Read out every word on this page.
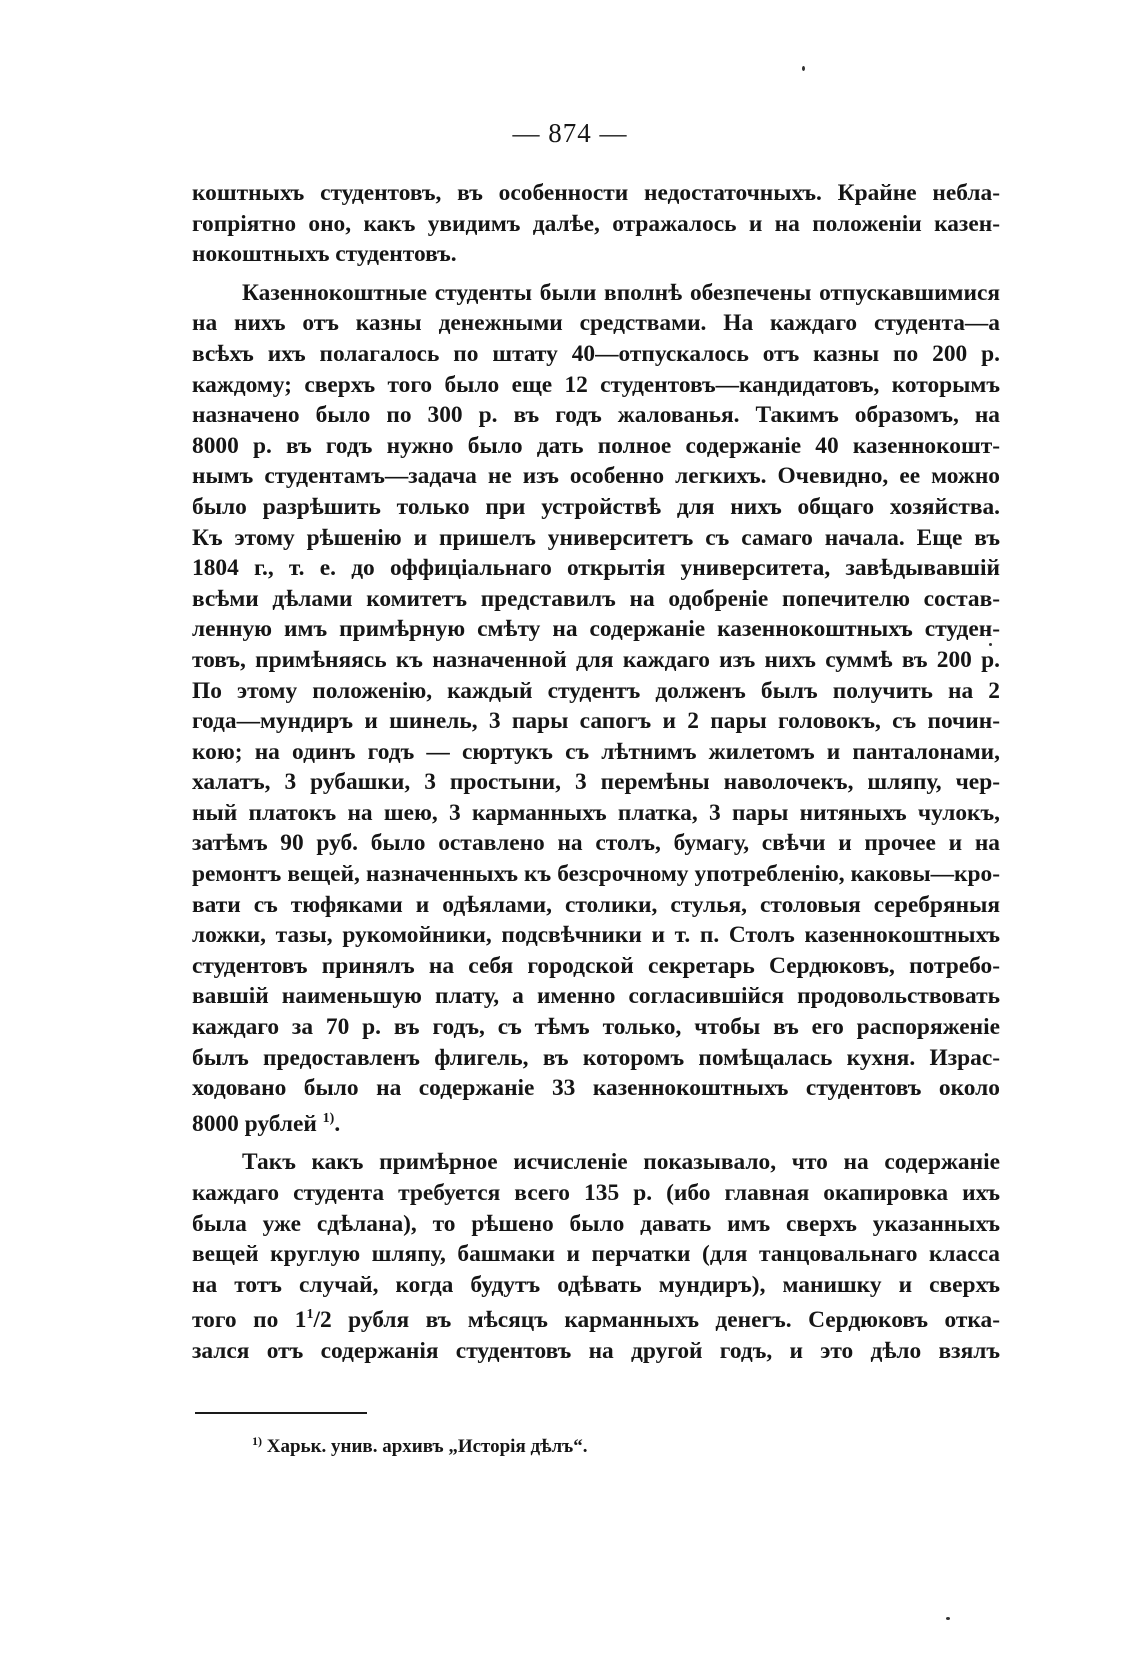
— 874 —
коштныхъ студентовъ, въ особенности недостаточныхъ. Крайне небла-
гопріятно оно, какъ увидимъ далѣе, отражалось и на положеніи казен-
нокоштныхъ студентовъ.
Казеннокоштные студенты были вполнѣ обезпечены отпускавшимися
на нихъ отъ казны денежными средствами. На каждаго студента—а
всѣхъ ихъ полагалось по штату 40—отпускалось отъ казны по 200 р.
каждому; сверхъ того было еще 12 студентовъ—кандидатовъ, которымъ
назначено было по 300 р. въ годъ жалованья. Такимъ образомъ, на
8000 р. въ годъ нужно было дать полное содержаніе 40 казеннокошт-
нымъ студентамъ—задача не изъ особенно легкихъ. Очевидно, ее можно
было разрѣшить только при устройствѣ для нихъ общаго хозяйства.
Къ этому рѣшенію и пришелъ университетъ съ самаго начала. Еще въ
1804 г., т. е. до оффиціальнаго открытія университета, завѣдывавшій
всѣми дѣлами комитетъ представилъ на одобреніе попечителю состав-
ленную имъ примѣрную смѣту на содержаніе казеннокоштныхъ студен-
товъ, примѣняясь къ назначенной для каждаго изъ нихъ суммѣ въ 200 р.
По этому положенію, каждый студентъ долженъ былъ получить на 2
года—мундиръ и шинель, 3 пары сапогъ и 2 пары головокъ, съ почин-
кою; на одинъ годъ — сюртукъ съ лѣтнимъ жилетомъ и панталонами,
халатъ, 3 рубашки, 3 простыни, 3 перемѣны наволочекъ, шляпу, чер-
ный платокъ на шею, 3 карманныхъ платка, 3 пары нитяныхъ чулокъ,
затѣмъ 90 руб. было оставлено на столъ, бумагу, свѣчи и прочее и на
ремонтъ вещей, назначенныхъ къ безсрочному употребленію, каковы—кро-
вати съ тюфяками и одѣялами, столики, стулья, столовыя серебряныя
ложки, тазы, рукомойники, подсвѣчники и т. п. Столъ казеннокоштныхъ
студентовъ принялъ на себя городской секретарь Сердюковъ, потребо-
вавшій наименьшую плату, а именно согласившійся продовольствовать
каждаго за 70 р. въ годъ, съ тѣмъ только, чтобы въ его распоряженіе
былъ предоставленъ флигель, въ которомъ помѣщалась кухня. Израс-
ходовано было на содержаніе 33 казеннокоштныхъ студентовъ около
8000 рублей $^{1)}$.
Такъ какъ примѣрное исчисленіе показывало, что на содержаніе
каждаго студента требуется всего 135 р. (ибо главная окапировка ихъ
была уже сдѣлана), то рѣшено было давать имъ сверхъ указанныхъ
вещей круглую шляпу, башмаки и перчатки (для танцовальнаго класса
на тотъ случай, когда будутъ одѣвать мундиръ), манишку и сверхъ
того по $1^1/2$ рубля въ мѣсяцъ карманныхъ денегъ. Сердюковъ отка-
зался отъ содержанія студентовъ на другой годъ, и это дѣло взялъ
$^{1)}$ Харьк. унив. архивъ „Исторія дѣлъ“.
